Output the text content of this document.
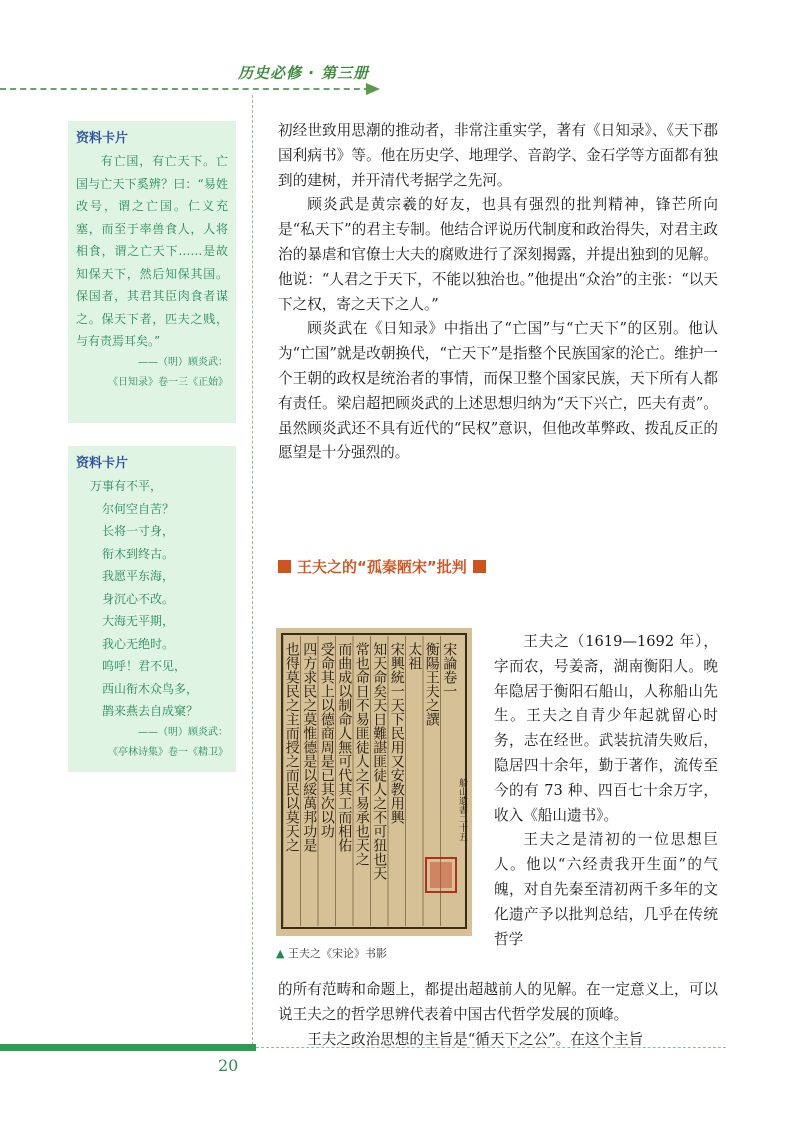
历史必修 · 第三册
资料卡片
有亡国，有亡天下。亡国与亡天下奚辨？曰：“易姓改号，谓之亡国。仁义充塞，而至于率兽食人，人将相食，谓之亡天下……是故知保天下，然后知保其国。保国者，其君其臣肉食者谋之。保天下者，匹夫之贱，与有责焉耳矣。”
——（明）顾炎武：
《日知录》卷一三《正始》
资料卡片
万事有不平，
尔何空自苦？
长将一寸身，
衔木到终古。
我愿平东海，
身沉心不改。
大海无平期，
我心无绝时。
呜呼！君不见，
西山衔木众鸟多，
鹊来燕去自成窠？
——（明）顾炎武：
《亭林诗集》卷一《精卫》

初经世致用思潮的推动者，非常注重实学，著有《日知录》、《天下郡国利病书》等。他在历史学、地理学、音韵学、金石学等方面都有独到的建树，并开清代考据学之先河。

顾炎武是黄宗羲的好友，也具有强烈的批判精神，锋芒所向是“私天下”的君主专制。他结合评说历代制度和政治得失，对君主政治的暴虐和官僚士大夫的腐败进行了深刻揭露，并提出独到的见解。他说：“人君之于天下，不能以独治也。”他提出“众治”的主张：“以天下之权，寄之天下之人。”

顾炎武在《日知录》中指出了“亡国”与“亡天下”的区别。他认为“亡国”就是改朝换代，“亡天下”是指整个民族国家的沦亡。维护一个王朝的政权是统治者的事情，而保卫整个国家民族，天下所有人都有责任。梁启超把顾炎武的上述思想归纳为“天下兴亡，匹夫有责”。虽然顾炎武还不具有近代的“民权”意识，但他改革弊政、拨乱反正的愿望是十分强烈的。

王夫之的“孤秦陋宋”批判
宋論卷一
衡陽王夫之譔
太祖
宋興統一天下民用又安教用興
知天命矣天日難諶匪徒人之不可狃也天
常也命日不易匪徒人之不易承也天之
而曲成以制命人無可代其工而相佑
受命其上以德商周是已其次以功
四方求民之莫惟德是以綏萬邦功是
也得莫民之主而授之而民以莫天之	船山遺書二十五
▲ 王夫之《宋论》书影

王夫之（1619—1692 年），字而农，号姜斋，湖南衡阳人。晚年隐居于衡阳石船山，人称船山先生。王夫之自青少年起就留心时务，志在经世。武装抗清失败后，隐居四十余年，勤于著作，流传至今的有 73 种、四百七十余万字，收入《船山遗书》。

王夫之是清初的一位思想巨人。他以“六经责我开生面”的气魄，对自先秦至清初两千多年的文化遗产予以批判总结，几乎在传统哲学

的所有范畴和命题上，都提出超越前人的见解。在一定意义上，可以说王夫之的哲学思辨代表着中国古代哲学发展的顶峰。

王夫之政治思想的主旨是“循天下之公”。在这个主旨

20
